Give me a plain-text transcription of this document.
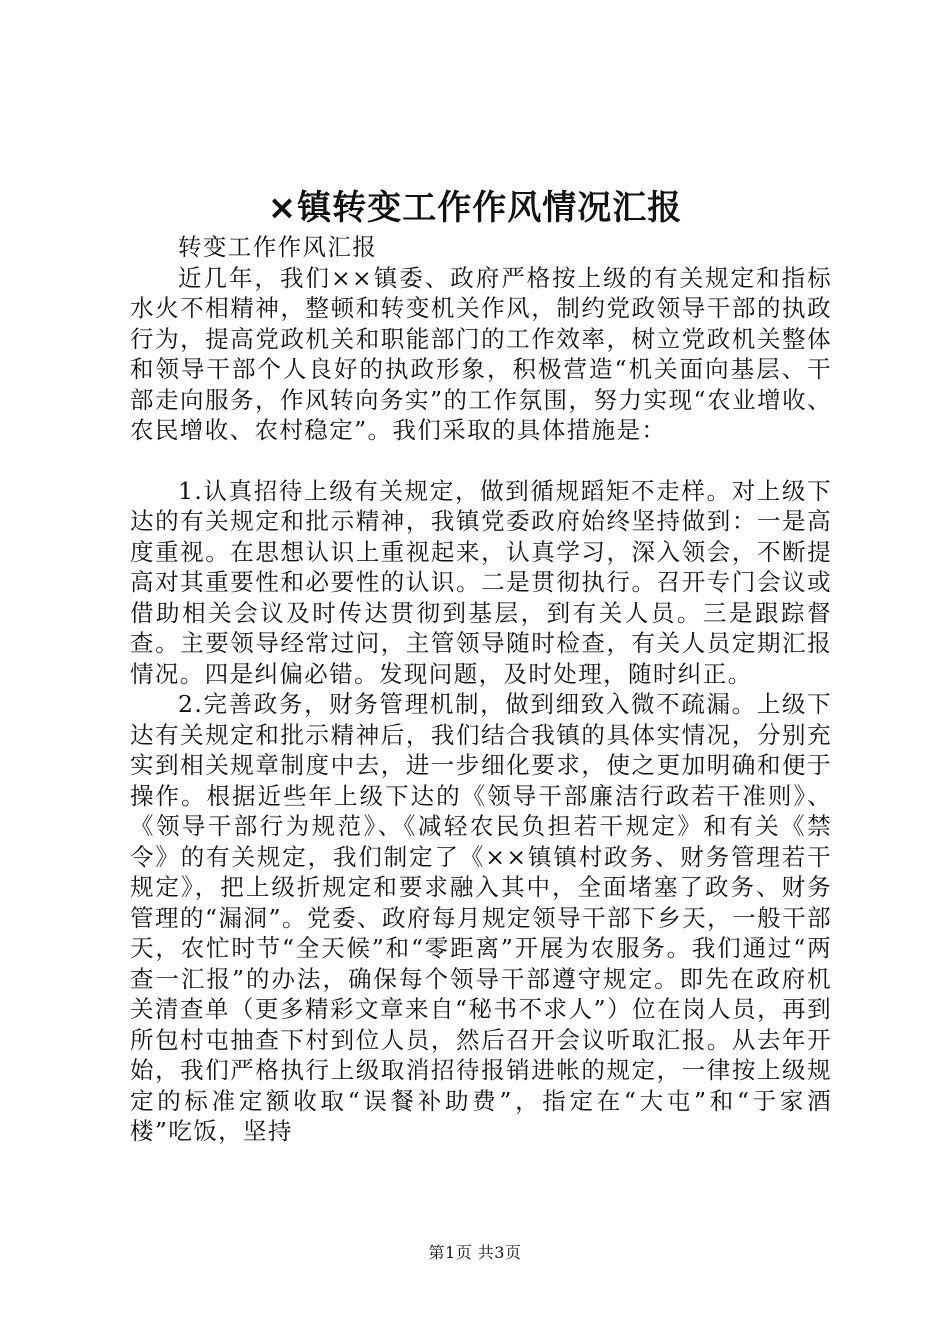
×镇转变工作作风情况汇报

转变工作作风汇报

近几年，我们××镇委、政府严格按上级的有关规定和指标水火不相精神，整顿和转变机关作风，制约党政领导干部的执政行为，提高党政机关和职能部门的工作效率，树立党政机关整体和领导干部个人良好的执政形象，积极营造“机关面向基层、干部走向服务，作风转向务实”的工作氛围，努力实现“农业增收、农民增收、农村稳定”。我们采取的具体措施是：

1.认真招待上级有关规定，做到循规蹈矩不走样。对上级下达的有关规定和批示精神，我镇党委政府始终坚持做到：一是高度重视。在思想认识上重视起来，认真学习，深入领会，不断提高对其重要性和必要性的认识。二是贯彻执行。召开专门会议或借助相关会议及时传达贯彻到基层，到有关人员。三是跟踪督查。主要领导经常过问，主管领导随时检查，有关人员定期汇报情况。四是纠偏必错。发现问题，及时处理，随时纠正。

2.完善政务，财务管理机制，做到细致入微不疏漏。上级下达有关规定和批示精神后，我们结合我镇的具体实情况，分别充实到相关规章制度中去，进一步细化要求，使之更加明确和便于操作。根据近些年上级下达的《领导干部廉洁行政若干准则》、《领导干部行为规范》、《减轻农民负担若干规定》和有关《禁令》的有关规定，我们制定了《××镇镇村政务、财务管理若干规定》，把上级折规定和要求融入其中，全面堵塞了政务、财务管理的“漏洞”。党委、政府每月规定领导干部下乡天，一般干部天，农忙时节“全天候”和“零距离”开展为农服务。我们通过“两查一汇报”的办法，确保每个领导干部遵守规定。即先在政府机关清查单（更多精彩文章来自“秘书不求人”）位在岗人员，再到所包村屯抽查下村到位人员，然后召开会议听取汇报。从去年开始，我们严格执行上级取消招待报销进帐的规定，一律按上级规定的标准定额收取“误餐补助费”，指定在“大屯”和“于家酒楼”吃饭，坚持

第1页 共3页
